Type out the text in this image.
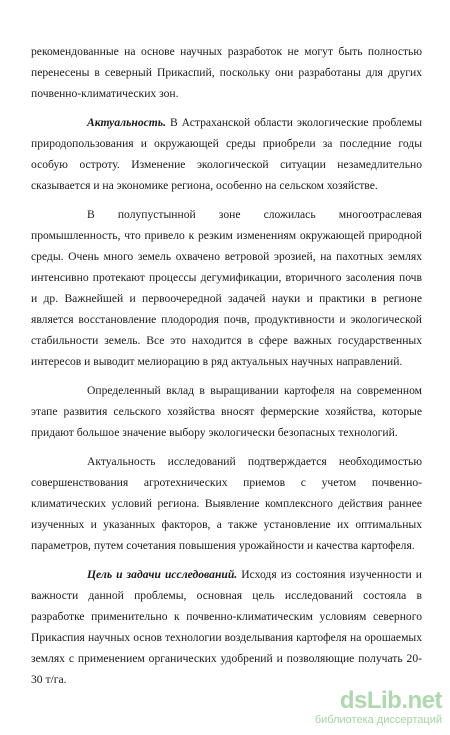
рекомендованные на основе научных разработок не могут быть полностью перенесены в северный Прикаспий, поскольку они разработаны для других почвенно-климатических зон.

Актуальность. В Астраханской области экологические проблемы природопользования и окружающей среды приобрели за последние годы особую остроту. Изменение экологической ситуации незамедлительно сказывается и на экономике региона, особенно на сельском хозяйстве.

В полупустынной зоне сложилась многоотраслевая промышленность, что привело к резким изменениям окружающей природной среды. Очень много земель охвачено ветровой эрозией, на пахотных землях интенсивно протекают процессы дегумификации, вторичного засоления почв и др. Важнейшей и первоочередной задачей науки и практики в регионе является восстановление плодородия почв, продуктивности и экологической стабильности земель. Все это находится в сфере важных государственных интересов и выводит мелиорацию в ряд актуальных научных направлений.

Определенный вклад в выращивании картофеля на современном этапе развития сельского хозяйства вносят фермерские хозяйства, которые придают большое значение выбору экологически безопасных технологий.

Актуальность исследований подтверждается необходимостью совершенствования агротехнических приемов с учетом почвенно-климатических условий региона. Выявление комплексного действия раннее изученных и указанных факторов, а также установление их оптимальных параметров, путем сочетания повышения урожайности и качества картофеля.

Цель и задачи исследований. Исходя из состояния изученности и важности данной проблемы, основная цель исследований состояла в разработке применительно к почвенно-климатическим условиям северного Прикаспия научных основ технологии возделывания картофеля на орошаемых землях с применением органических удобрений и позволяющие получать 20-30 т/га.

dsLib.net
библиотека диссертаций
